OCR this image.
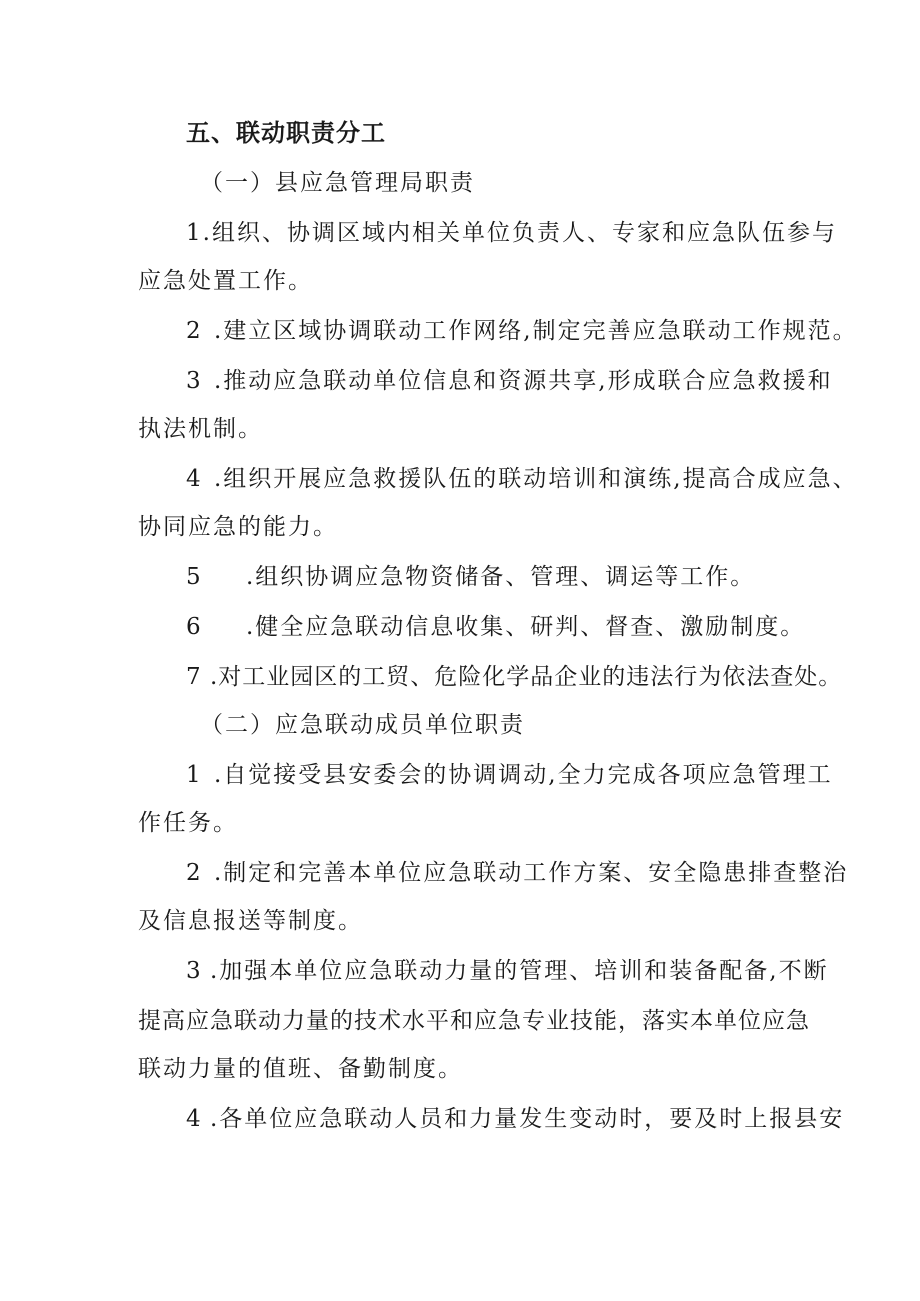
五、联动职责分工
（一）县应急管理局职责
1.组织、协调区域内相关单位负责人、专家和应急队伍参与
应急处置工作。
2 .建立区域协调联动工作网络,制定完善应急联动工作规范。
3 .推动应急联动单位信息和资源共享,形成联合应急救援和
执法机制。
4 .组织开展应急救援队伍的联动培训和演练,提高合成应急、
协同应急的能力。
5 .组织协调应急物资储备、管理、调运等工作。
6 .健全应急联动信息收集、研判、督查、激励制度。
7 .对工业园区的工贸、危险化学品企业的违法行为依法查处。
（二）应急联动成员单位职责
1 .自觉接受县安委会的协调调动,全力完成各项应急管理工
作任务。
2 .制定和完善本单位应急联动工作方案、安全隐患排查整治
及信息报送等制度。
3 .加强本单位应急联动力量的管理、培训和装备配备,不断
提高应急联动力量的技术水平和应急专业技能，落实本单位应急
联动力量的值班、备勤制度。
4 .各单位应急联动人员和力量发生变动时，要及时上报县安
